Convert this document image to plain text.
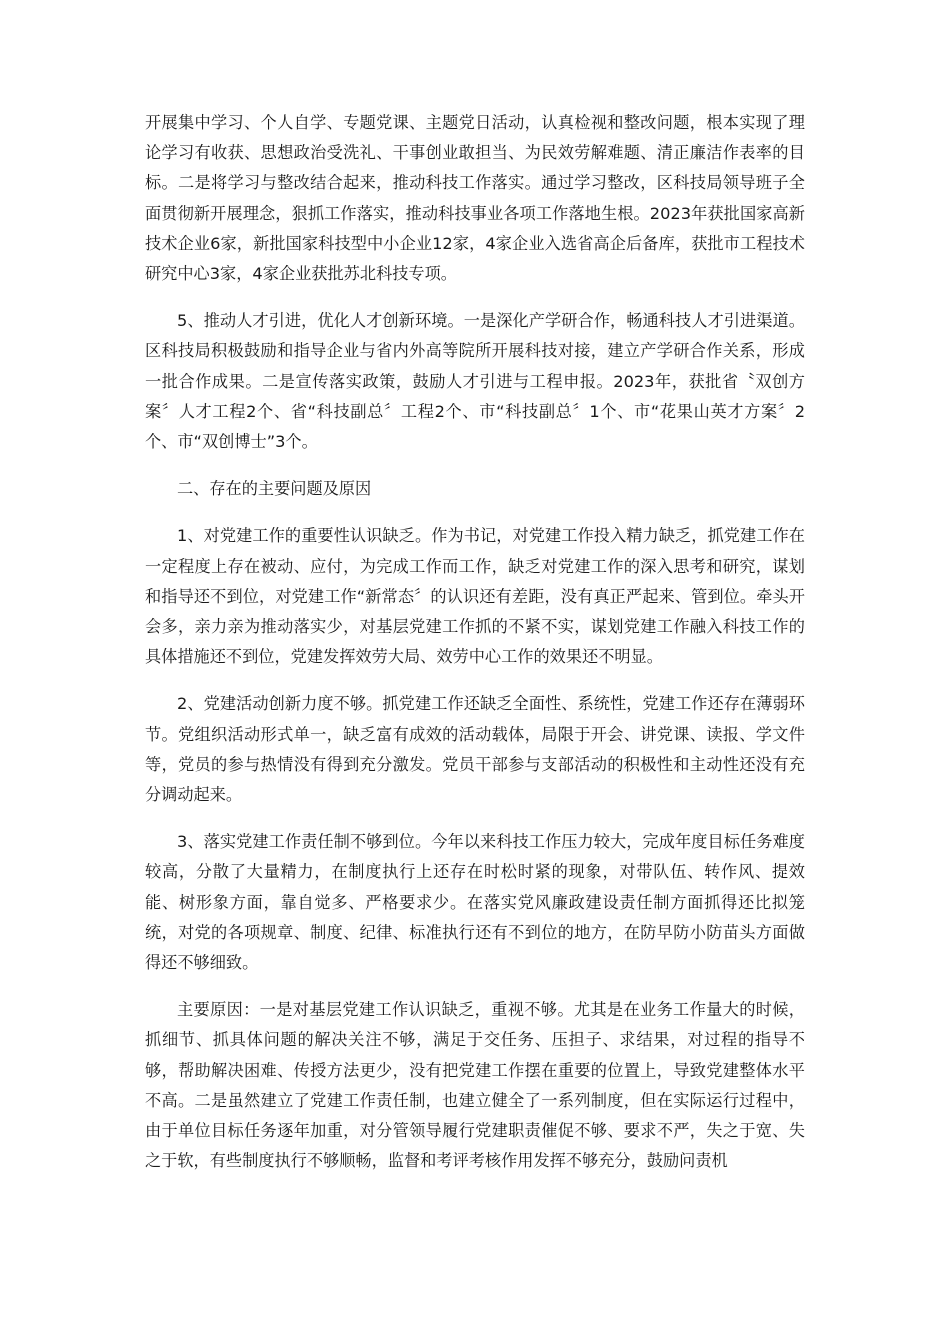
开展集中学习、个人自学、专题党课、主题党日活动，认真检视和整改问题，根本实现了理论学习有收获、思想政治受洗礼、干事创业敢担当、为民效劳解难题、清正廉洁作表率的目标。二是将学习与整改结合起来，推动科技工作落实。通过学习整改，区科技局领导班子全面贯彻新开展理念，狠抓工作落实，推动科技事业各项工作落地生根。2023年获批国家高新技术企业6家，新批国家科技型中小企业12家，4家企业入选省高企后备库，获批市工程技术研究中心3家，4家企业获批苏北科技专项。

5、推动人才引进，优化人才创新环境。一是深化产学研合作，畅通科技人才引进渠道。区科技局积极鼓励和指导企业与省内外高等院所开展科技对接，建立产学研合作关系，形成一批合作成果。二是宣传落实政策，鼓励人才引进与工程申报。2023年，获批省〝双创方案〞人才工程2个、省“科技副总〞工程2个、市“科技副总〞1个、市“花果山英才方案〞2个、市“双创博士”3个。

二、存在的主要问题及原因

1、对党建工作的重要性认识缺乏。作为书记，对党建工作投入精力缺乏，抓党建工作在一定程度上存在被动、应付，为完成工作而工作，缺乏对党建工作的深入思考和研究，谋划和指导还不到位，对党建工作“新常态〞的认识还有差距，没有真正严起来、管到位。牵头开会多，亲力亲为推动落实少，对基层党建工作抓的不紧不实，谋划党建工作融入科技工作的具体措施还不到位，党建发挥效劳大局、效劳中心工作的效果还不明显。

2、党建活动创新力度不够。抓党建工作还缺乏全面性、系统性，党建工作还存在薄弱环节。党组织活动形式单一，缺乏富有成效的活动载体，局限于开会、讲党课、读报、学文件等，党员的参与热情没有得到充分激发。党员干部参与支部活动的积极性和主动性还没有充分调动起来。

3、落实党建工作责任制不够到位。今年以来科技工作压力较大，完成年度目标任务难度较高，分散了大量精力，在制度执行上还存在时松时紧的现象，对带队伍、转作风、提效能、树形象方面，靠自觉多、严格要求少。在落实党风廉政建设责任制方面抓得还比拟笼统，对党的各项规章、制度、纪律、标准执行还有不到位的地方，在防早防小防苗头方面做得还不够细致。

主要原因：一是对基层党建工作认识缺乏，重视不够。尤其是在业务工作量大的时候，抓细节、抓具体问题的解决关注不够，满足于交任务、压担子、求结果，对过程的指导不够，帮助解决困难、传授方法更少，没有把党建工作摆在重要的位置上，导致党建整体水平不高。二是虽然建立了党建工作责任制，也建立健全了一系列制度，但在实际运行过程中，由于单位目标任务逐年加重，对分管领导履行党建职责催促不够、要求不严，失之于宽、失之于软，有些制度执行不够顺畅，监督和考评考核作用发挥不够充分，鼓励问责机
